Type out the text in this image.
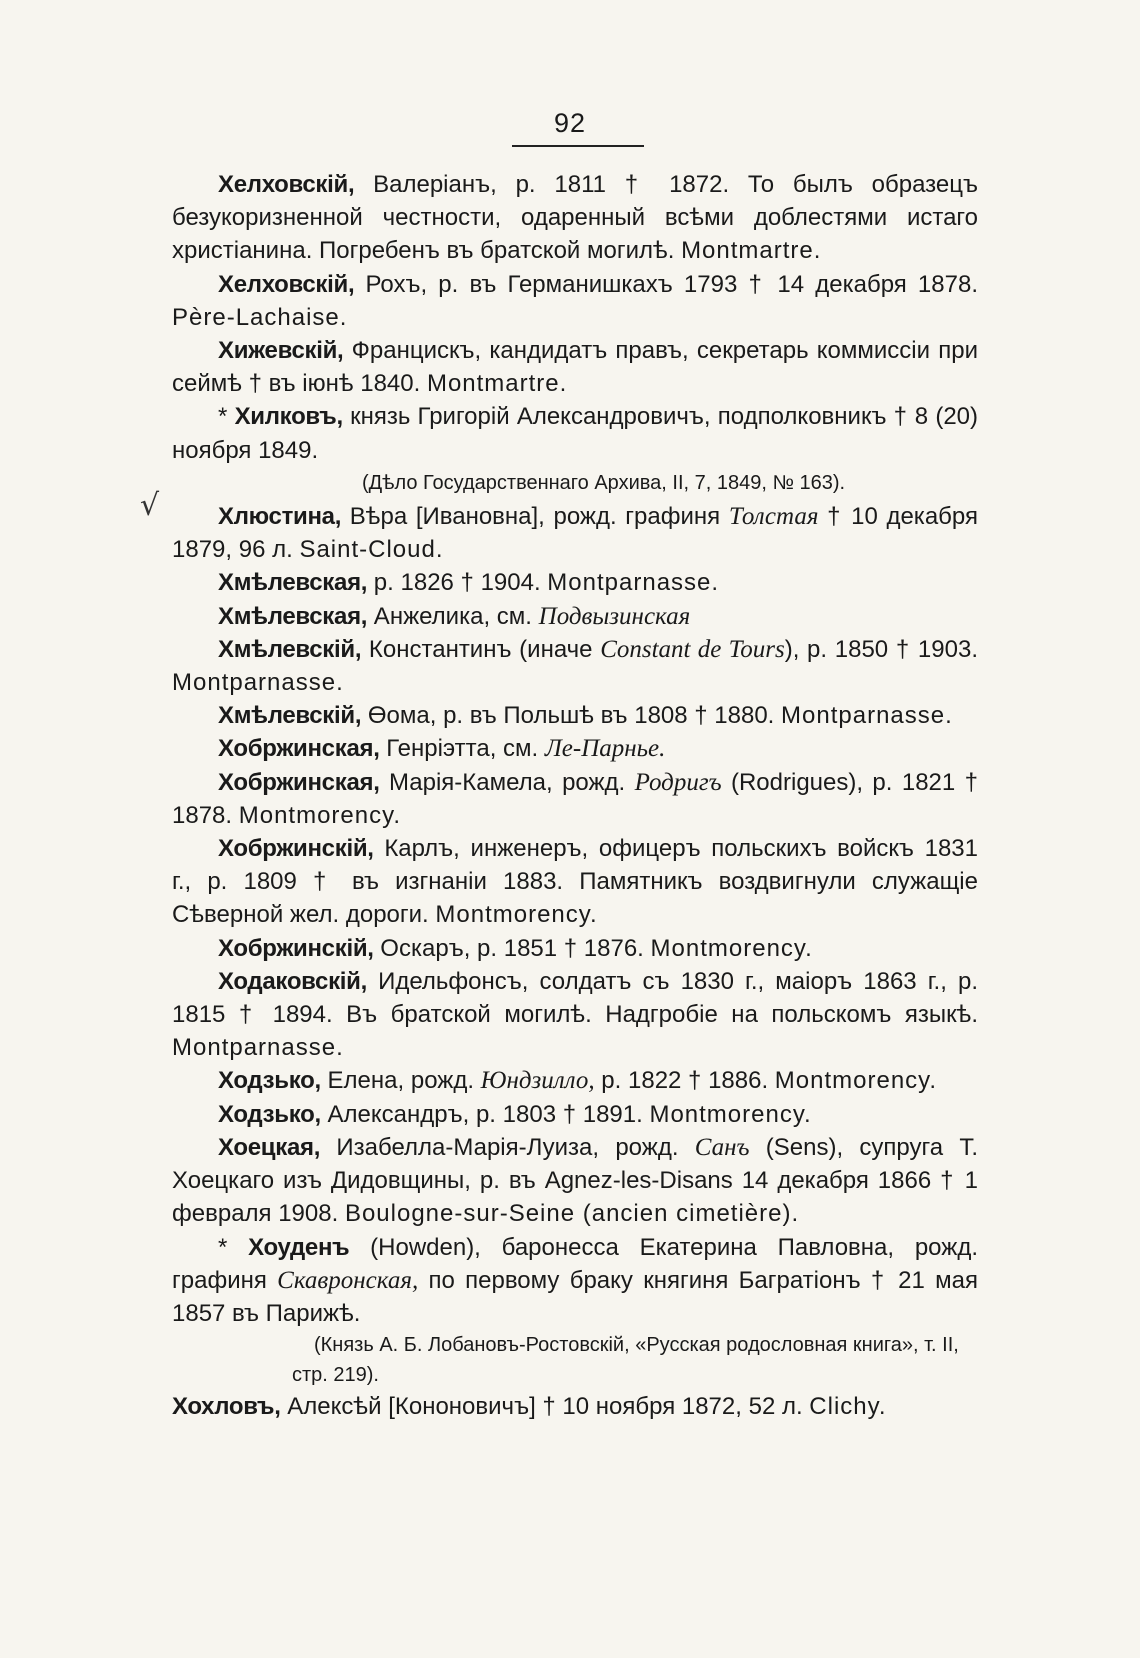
92

Хелховскій, Валеріанъ, р. 1811 † 1872. То былъ образецъ безукоризненной честности, одаренный всѣми доблестями истаго христіанина. Погребенъ въ братской могилѣ. Montmartre.

Хелховскій, Рохъ, р. въ Германишкахъ 1793 † 14 декабря 1878. Père-Lachaise.

Хижевскій, Францискъ, кандидатъ правъ, секретарь коммиссіи при сеймѣ † въ іюнѣ 1840. Montmartre.

* Хилковъ, князь Григорій Александровичъ, подполковникъ † 8 (20) ноября 1849.

(Дѣло Государственнаго Архива, II, 7, 1849, № 163).

Хлюстина, Вѣра [Ивановна], рожд. графиня Толстая † 10 декабря 1879, 96 л. Saint-Cloud.

Хмѣлевская, р. 1826 † 1904. Montparnasse.

Хмѣлевская, Анжелика, см. Подвызинская

Хмѣлевскій, Константинъ (иначе Constant de Tours), р. 1850 † 1903. Montparnasse.

Хмѣлевскій, Өома, р. въ Польшѣ въ 1808 † 1880. Montparnasse.

Хобржинская, Генріэтта, см. Ле-Парнье.

Хобржинская, Марія-Камела, рожд. Родригъ (Rodrigues), р. 1821 † 1878. Montmorency.

Хобржинскій, Карлъ, инженеръ, офицеръ польскихъ войскъ 1831 г., р. 1809 † въ изгнаніи 1883. Памятникъ воздвигнули служащіе Сѣверной жел. дороги. Montmorency.

Хобржинскій, Оскаръ, р. 1851 † 1876. Montmorency.

Ходаковскій, Идельфонсъ, солдатъ съ 1830 г., маіоръ 1863 г., р. 1815 † 1894. Въ братской могилѣ. Надгробіе на польскомъ языкѣ. Montparnasse.

Ходзько, Елена, рожд. Юндзилло, р. 1822 † 1886. Montmorency.

Ходзько, Александръ, р. 1803 † 1891. Montmorency.

Хоецкая, Изабелла-Марія-Луиза, рожд. Санъ (Sens), супруга Т. Хоецкаго изъ Дидовщины, р. въ Agnez-les-Disans 14 декабря 1866 † 1 февраля 1908. Boulogne-sur-Seine (ancien cimetière).

* Хоуденъ (Howden), баронесса Екатерина Павловна, рожд. графиня Скавронская, по первому браку княгиня Багратіонъ † 21 мая 1857 въ Парижѣ.

(Князь А. Б. Лобановъ-Ростовскій, «Русская родословная книга», т. II, стр. 219).

Хохловъ, Алексѣй [Кононовичъ] † 10 ноября 1872, 52 л. Clichy.

√
